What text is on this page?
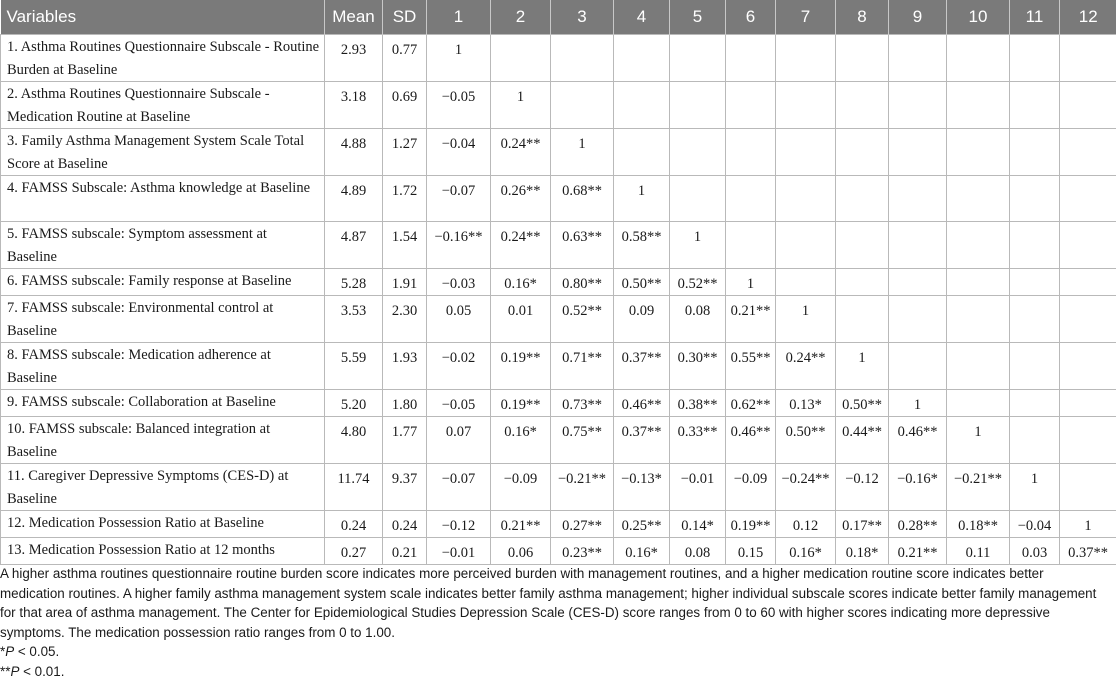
Variables	Mean	SD	1	2	3	4	5	6	7	8	9	10	11	12
1. Asthma Routines Questionnaire Subscale - Routine Burden at Baseline	2.93	0.77	1											
2. Asthma Routines Questionnaire Subscale - Medication Routine at Baseline	3.18	0.69	−0.05	1										
3. Family Asthma Management System Scale Total Score at Baseline	4.88	1.27	−0.04	0.24**	1									
4. FAMSS Subscale: Asthma knowledge at Baseline	4.89	1.72	−0.07	0.26**	0.68**	1								
5. FAMSS subscale: Symptom assessment at Baseline	4.87	1.54	−0.16**	0.24**	0.63**	0.58**	1							
6. FAMSS subscale: Family response at Baseline	5.28	1.91	−0.03	0.16*	0.80**	0.50**	0.52**	1						
7. FAMSS subscale: Environmental control at Baseline	3.53	2.30	0.05	0.01	0.52**	0.09	0.08	0.21**	1					
8. FAMSS subscale: Medication adherence at Baseline	5.59	1.93	−0.02	0.19**	0.71**	0.37**	0.30**	0.55**	0.24**	1				
9. FAMSS subscale: Collaboration at Baseline	5.20	1.80	−0.05	0.19**	0.73**	0.46**	0.38**	0.62**	0.13*	0.50**	1			
10. FAMSS subscale: Balanced integration at Baseline	4.80	1.77	0.07	0.16*	0.75**	0.37**	0.33**	0.46**	0.50**	0.44**	0.46**	1		
11. Caregiver Depressive Symptoms (CES-D) at Baseline	11.74	9.37	−0.07	−0.09	−0.21**	−0.13*	−0.01	−0.09	−0.24**	−0.12	−0.16*	−0.21**	1	
12. Medication Possession Ratio at Baseline	0.24	0.24	−0.12	0.21**	0.27**	0.25**	0.14*	0.19**	0.12	0.17**	0.28**	0.18**	−0.04	1
13. Medication Possession Ratio at 12 months	0.27	0.21	−0.01	0.06	0.23**	0.16*	0.08	0.15	0.16*	0.18*	0.21**	0.11	0.03	0.37**

A higher asthma routines questionnaire routine burden score indicates more perceived burden with management routines, and a higher medication routine score indicates better medication routines. A higher family asthma management system scale indicates better family asthma management; higher individual subscale scores indicate better family management for that area of asthma management. The Center for Epidemiological Studies Depression Scale (CES-D) score ranges from 0 to 60 with higher scores indicating more depressive symptoms. The medication possession ratio ranges from 0 to 1.00.

*P < 0.05.

**P < 0.01.
